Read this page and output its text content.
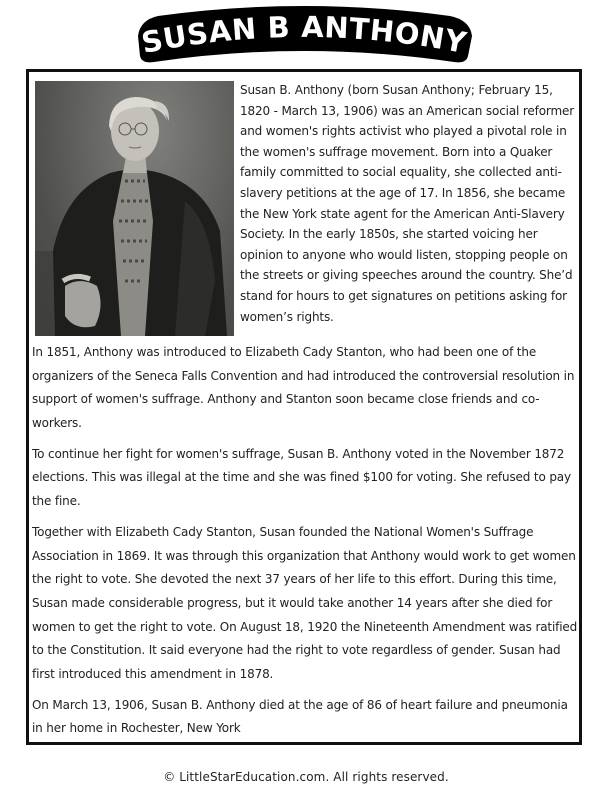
SUSAN B ANTHONY

Susan B. Anthony (born Susan Anthony; February 15, 1820 - March 13, 1906) was an American social reformer and women's rights activist who played a pivotal role in the women's suffrage movement. Born into a Quaker family committed to social equality, she collected anti-slavery petitions at the age of 17. In 1856, she became the New York state agent for the American Anti-Slavery Society. In the early 1850s, she started voicing her opinion to anyone who would listen, stopping people on the streets or giving speeches around the country. She’d stand for hours to get signatures on petitions asking for women’s rights.

In 1851, Anthony was introduced to Elizabeth Cady Stanton, who had been one of the organizers of the Seneca Falls Convention and had introduced the controversial resolution in support of women's suffrage. Anthony and Stanton soon became close friends and co-workers.

To continue her fight for women's suffrage, Susan B. Anthony voted in the November 1872 elections. This was illegal at the time and she was fined $100 for voting. She refused to pay the fine.

Together with Elizabeth Cady Stanton, Susan founded the National Women's Suffrage Association in 1869. It was through this organization that Anthony would work to get women the right to vote. She devoted the next 37 years of her life to this effort. During this time, Susan made considerable progress, but it would take another 14 years after she died for women to get the right to vote. On August 18, 1920 the Nineteenth Amendment was ratified to the Constitution. It said everyone had the right to vote regardless of gender. Susan had first introduced this amendment in 1878.

On March 13, 1906, Susan B. Anthony died at the age of 86 of heart failure and pneumonia in her home in Rochester, New York

© LittleStarEducation.com. All rights reserved.
